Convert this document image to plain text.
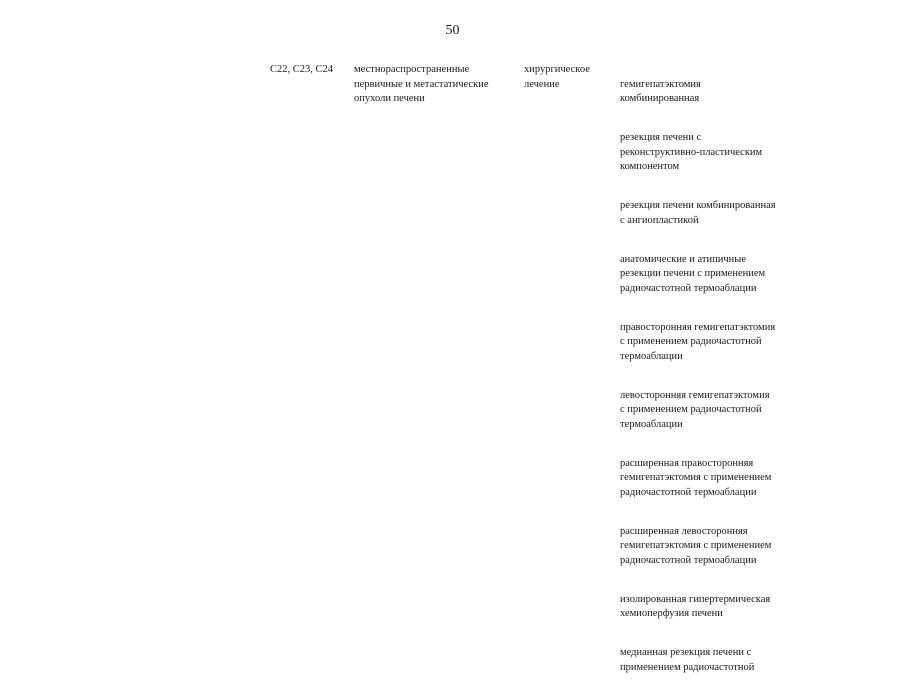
50
C22, C23, C24	местнораспространенные
первичные и метастатические
опухоли печени
хирургическое
лечение	гемигепатэктомия
комбинированная

резекция печени с
реконструктивно-пластическим
компонентом

резекция печени комбинированная
с ангиопластикой

анатомические и атипичные
резекции печени с применением
радиочастотной термоаблации

правосторонняя гемигепатэктомия
с применением радиочастотной
термоаблации

левосторонняя гемигепатэктомия
с применением радиочастотной
термоаблации

расширенная правосторонняя
гемигепатэктомия с применением
радиочастотной термоаблации

расширенная левосторонняя
гемигепатэктомия с применением
радиочастотной термоаблации

изолированная гипертермическая
хемиоперфузия печени

медианная резекция печени с
применением радиочастотной
